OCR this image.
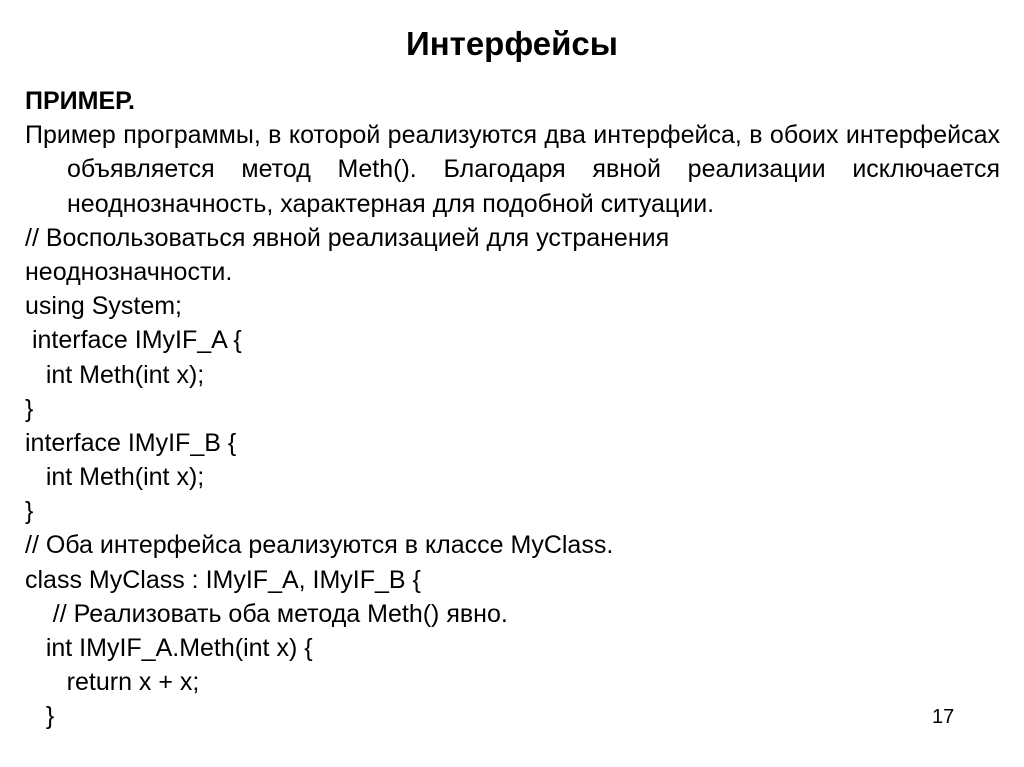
Интерфейсы
ПРИМЕР.
Пример программы, в которой реализуются два интерфейса, в обоих интерфейсах объявляется метод Meth(). Благодаря явной реализации исключается неоднозначность, характерная для подобной ситуации.
// Воспользоваться явной реализацией для устранения
неоднозначности.
using System;
interface IMyIF_A {
int Meth(int x);
}
interface IMyIF_B {
int Meth(int x);
}
// Оба интерфейса реализуются в классе MyClass.
class MyClass : IMyIF_A, IMyIF_B {
// Реализовать оба метода Meth() явно.
int IMyIF_A.Meth(int x) {
return x + x;
}	17
